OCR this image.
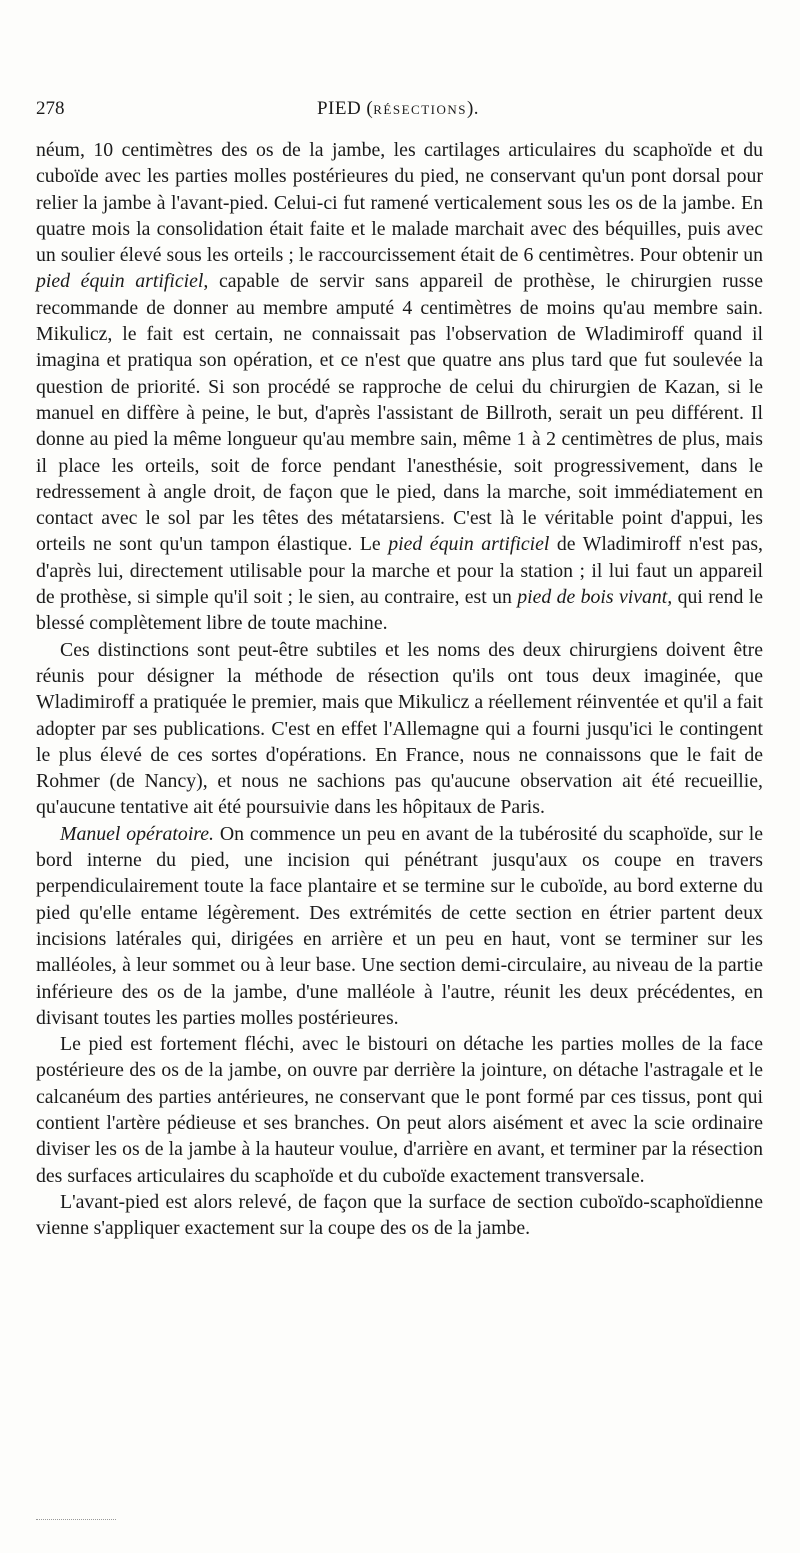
278	PIED (RÉSECTIONS).

néum, 10 centimètres des os de la jambe, les cartilages articulaires du scaphoïde et du cuboïde avec les parties molles postérieures du pied, ne conservant qu'un pont dorsal pour relier la jambe à l'avant-pied. Celui-ci fut ramené verticalement sous les os de la jambe. En quatre mois la consolidation était faite et le malade marchait avec des béquilles, puis avec un soulier élevé sous les orteils ; le raccourcissement était de 6 centimètres. Pour obtenir un pied équin artificiel, capable de servir sans appareil de prothèse, le chirurgien russe recommande de donner au membre amputé 4 centimètres de moins qu'au membre sain. Mikulicz, le fait est certain, ne connaissait pas l'observation de Wladimiroff quand il imagina et pratiqua son opération, et ce n'est que quatre ans plus tard que fut soulevée la question de priorité. Si son procédé se rapproche de celui du chirurgien de Kazan, si le manuel en diffère à peine, le but, d'après l'assistant de Billroth, serait un peu différent. Il donne au pied la même longueur qu'au membre sain, même 1 à 2 centimètres de plus, mais il place les orteils, soit de force pendant l'anesthésie, soit progressivement, dans le redressement à angle droit, de façon que le pied, dans la marche, soit immédiatement en contact avec le sol par les têtes des métatarsiens. C'est là le véritable point d'appui, les orteils ne sont qu'un tampon élastique. Le pied équin artificiel de Wladimiroff n'est pas, d'après lui, directement utilisable pour la marche et pour la station ; il lui faut un appareil de prothèse, si simple qu'il soit ; le sien, au contraire, est un pied de bois vivant, qui rend le blessé complètement libre de toute machine.

Ces distinctions sont peut-être subtiles et les noms des deux chirurgiens doivent être réunis pour désigner la méthode de résection qu'ils ont tous deux imaginée, que Wladimiroff a pratiquée le premier, mais que Mikulicz a réellement réinventée et qu'il a fait adopter par ses publications. C'est en effet l'Allemagne qui a fourni jusqu'ici le contingent le plus élevé de ces sortes d'opérations. En France, nous ne connaissons que le fait de Rohmer (de Nancy), et nous ne sachions pas qu'aucune observation ait été recueillie, qu'aucune tentative ait été poursuivie dans les hôpitaux de Paris.

Manuel opératoire. On commence un peu en avant de la tubérosité du scaphoïde, sur le bord interne du pied, une incision qui pénétrant jusqu'aux os coupe en travers perpendiculairement toute la face plantaire et se termine sur le cuboïde, au bord externe du pied qu'elle entame légèrement. Des extrémités de cette section en étrier partent deux incisions latérales qui, dirigées en arrière et un peu en haut, vont se terminer sur les malléoles, à leur sommet ou à leur base. Une section demi-circulaire, au niveau de la partie inférieure des os de la jambe, d'une malléole à l'autre, réunit les deux précédentes, en divisant toutes les parties molles postérieures.

Le pied est fortement fléchi, avec le bistouri on détache les parties molles de la face postérieure des os de la jambe, on ouvre par derrière la jointure, on détache l'astragale et le calcanéum des parties antérieures, ne conservant que le pont formé par ces tissus, pont qui contient l'artère pédieuse et ses branches. On peut alors aisément et avec la scie ordinaire diviser les os de la jambe à la hauteur voulue, d'arrière en avant, et terminer par la résection des surfaces articulaires du scaphoïde et du cuboïde exactement transversale.

L'avant-pied est alors relevé, de façon que la surface de section cuboïdo-scaphoïdienne vienne s'appliquer exactement sur la coupe des os de la jambe.
